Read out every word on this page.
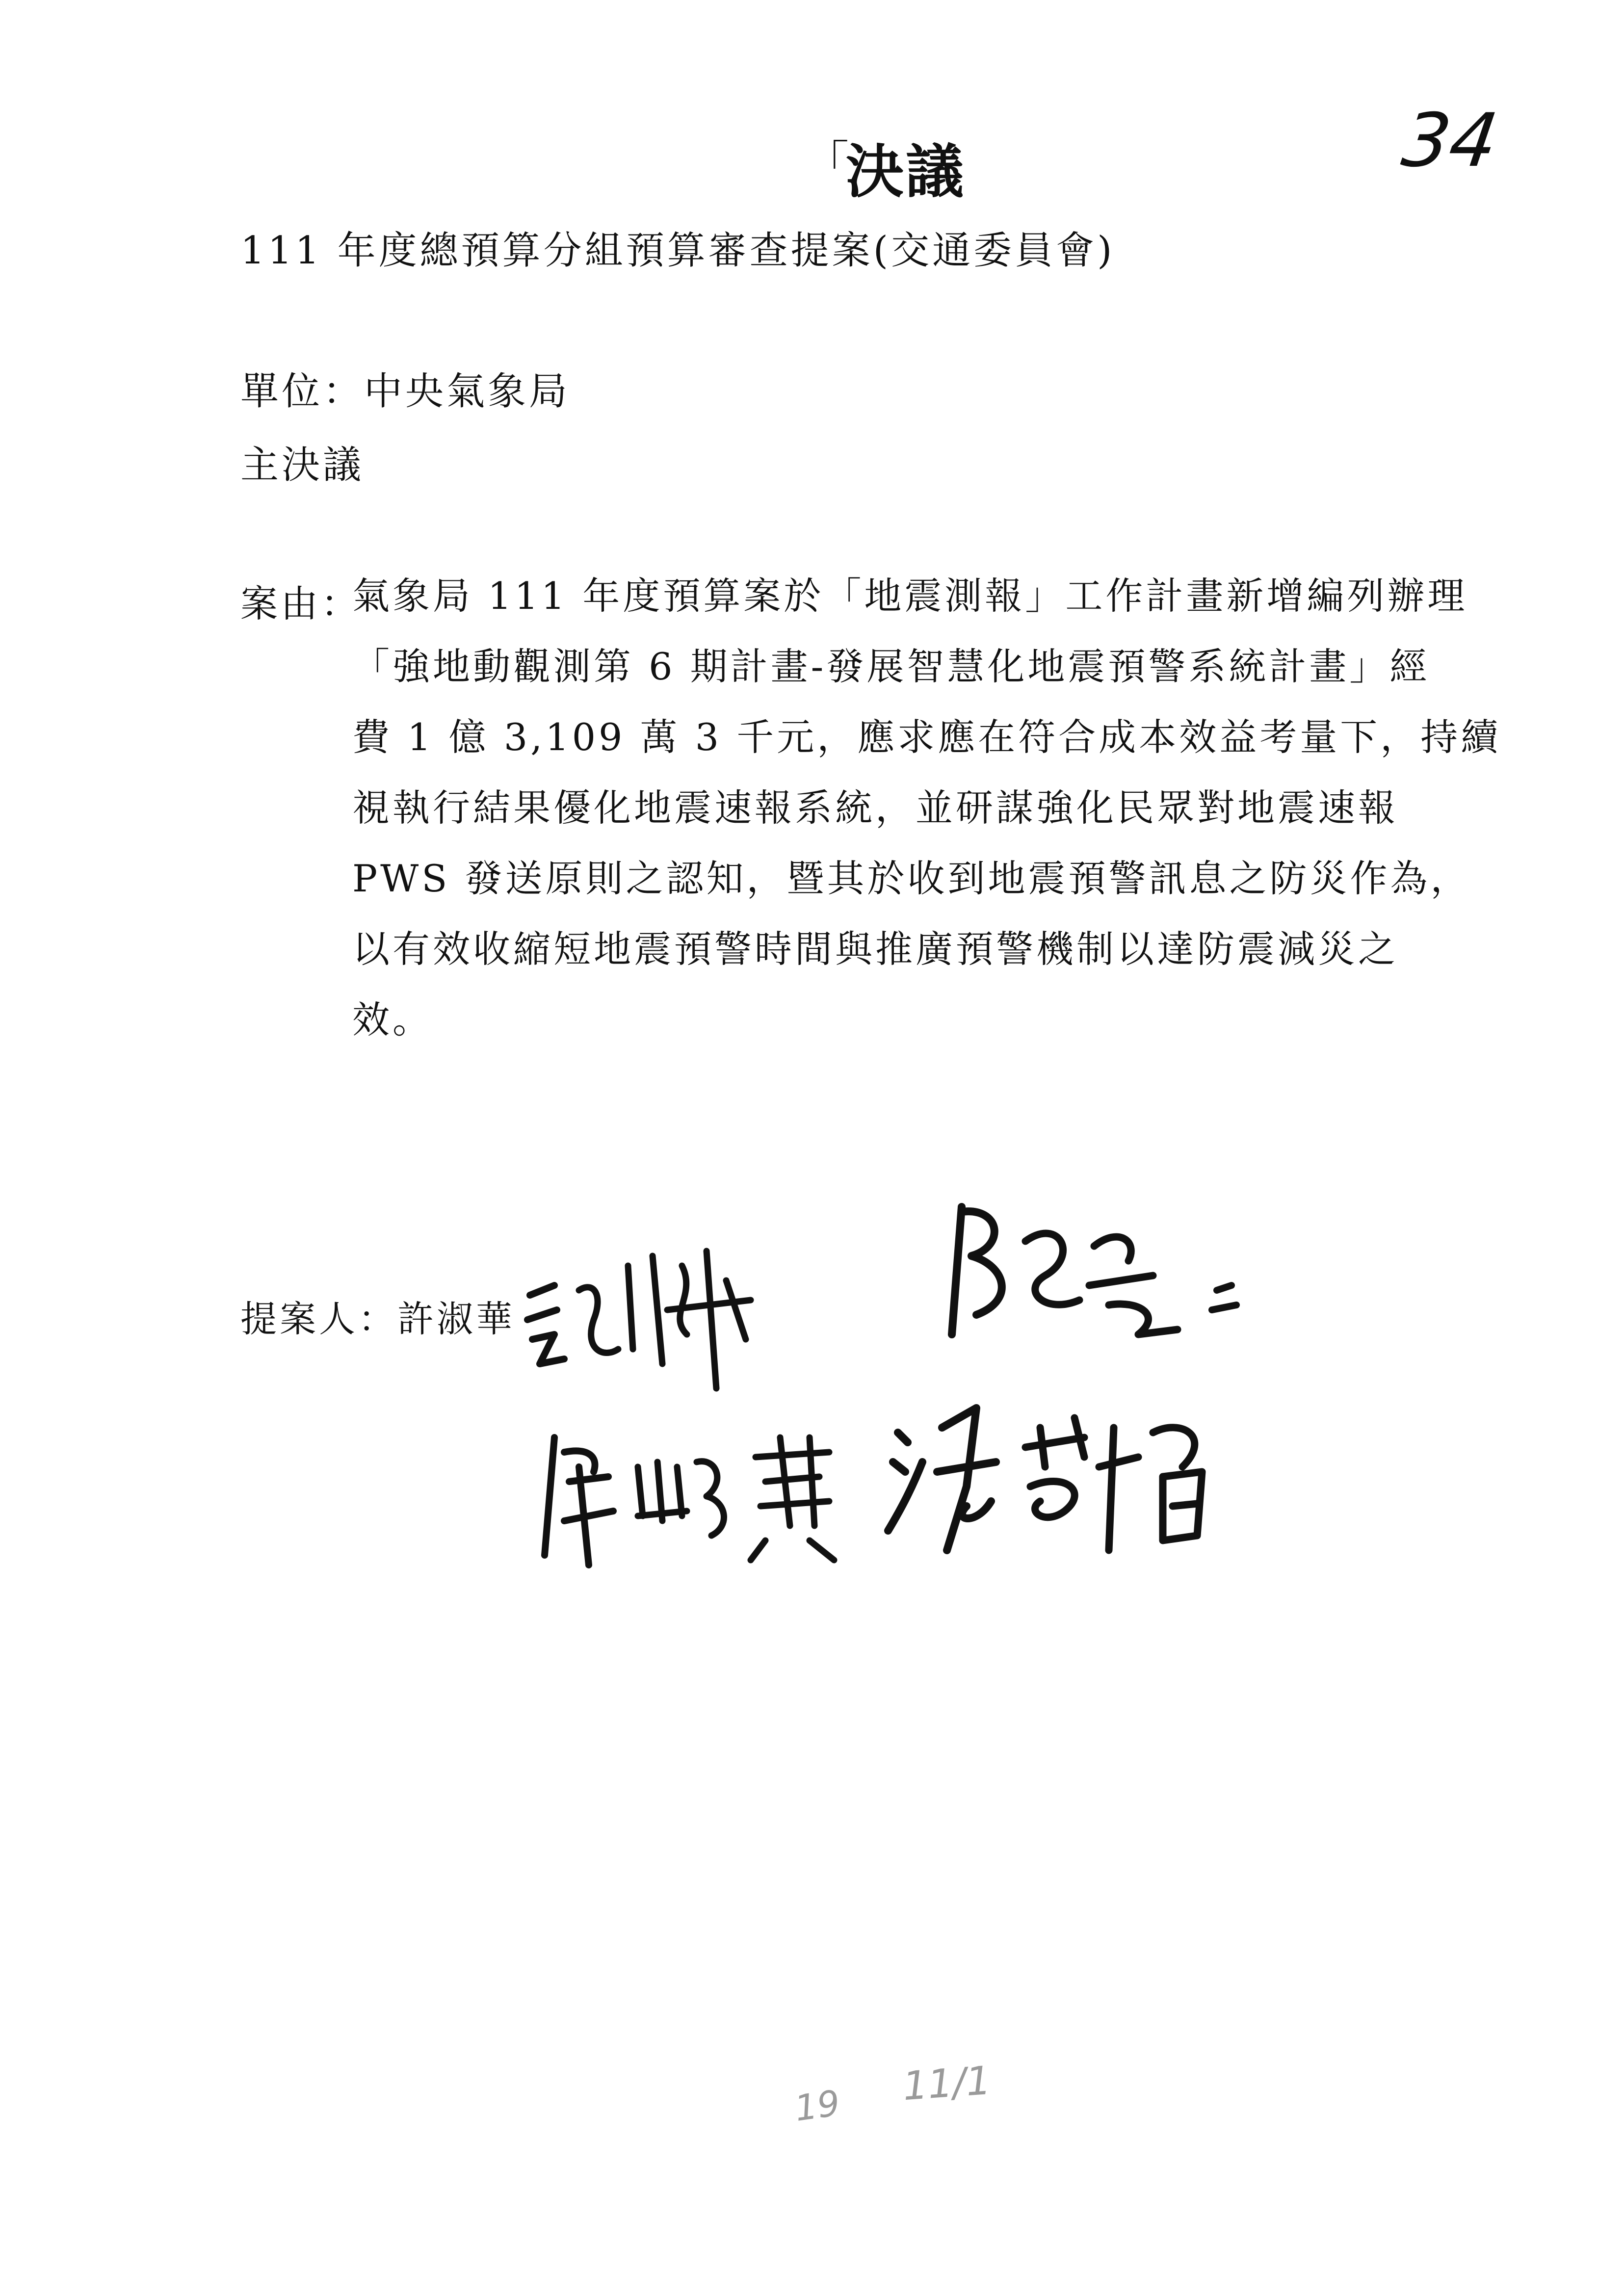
「決議	34
111 年度總預算分組預算審查提案(交通委員會)
單位：中央氣象局
主決議
案由：
氣象局 111 年度預算案於「地震測報」工作計畫新增編列辦理
「強地動觀測第 6 期計畫-發展智慧化地震預警系統計畫」經
費 1 億 3,109 萬 3 千元，應求應在符合成本效益考量下，持續
視執行結果優化地震速報系統，並研謀強化民眾對地震速報
PWS 發送原則之認知，暨其於收到地震預警訊息之防災作為，
以有效收縮短地震預警時間與推廣預警機制以達防震減災之
效。
提案人：許淑華
19 11/1
